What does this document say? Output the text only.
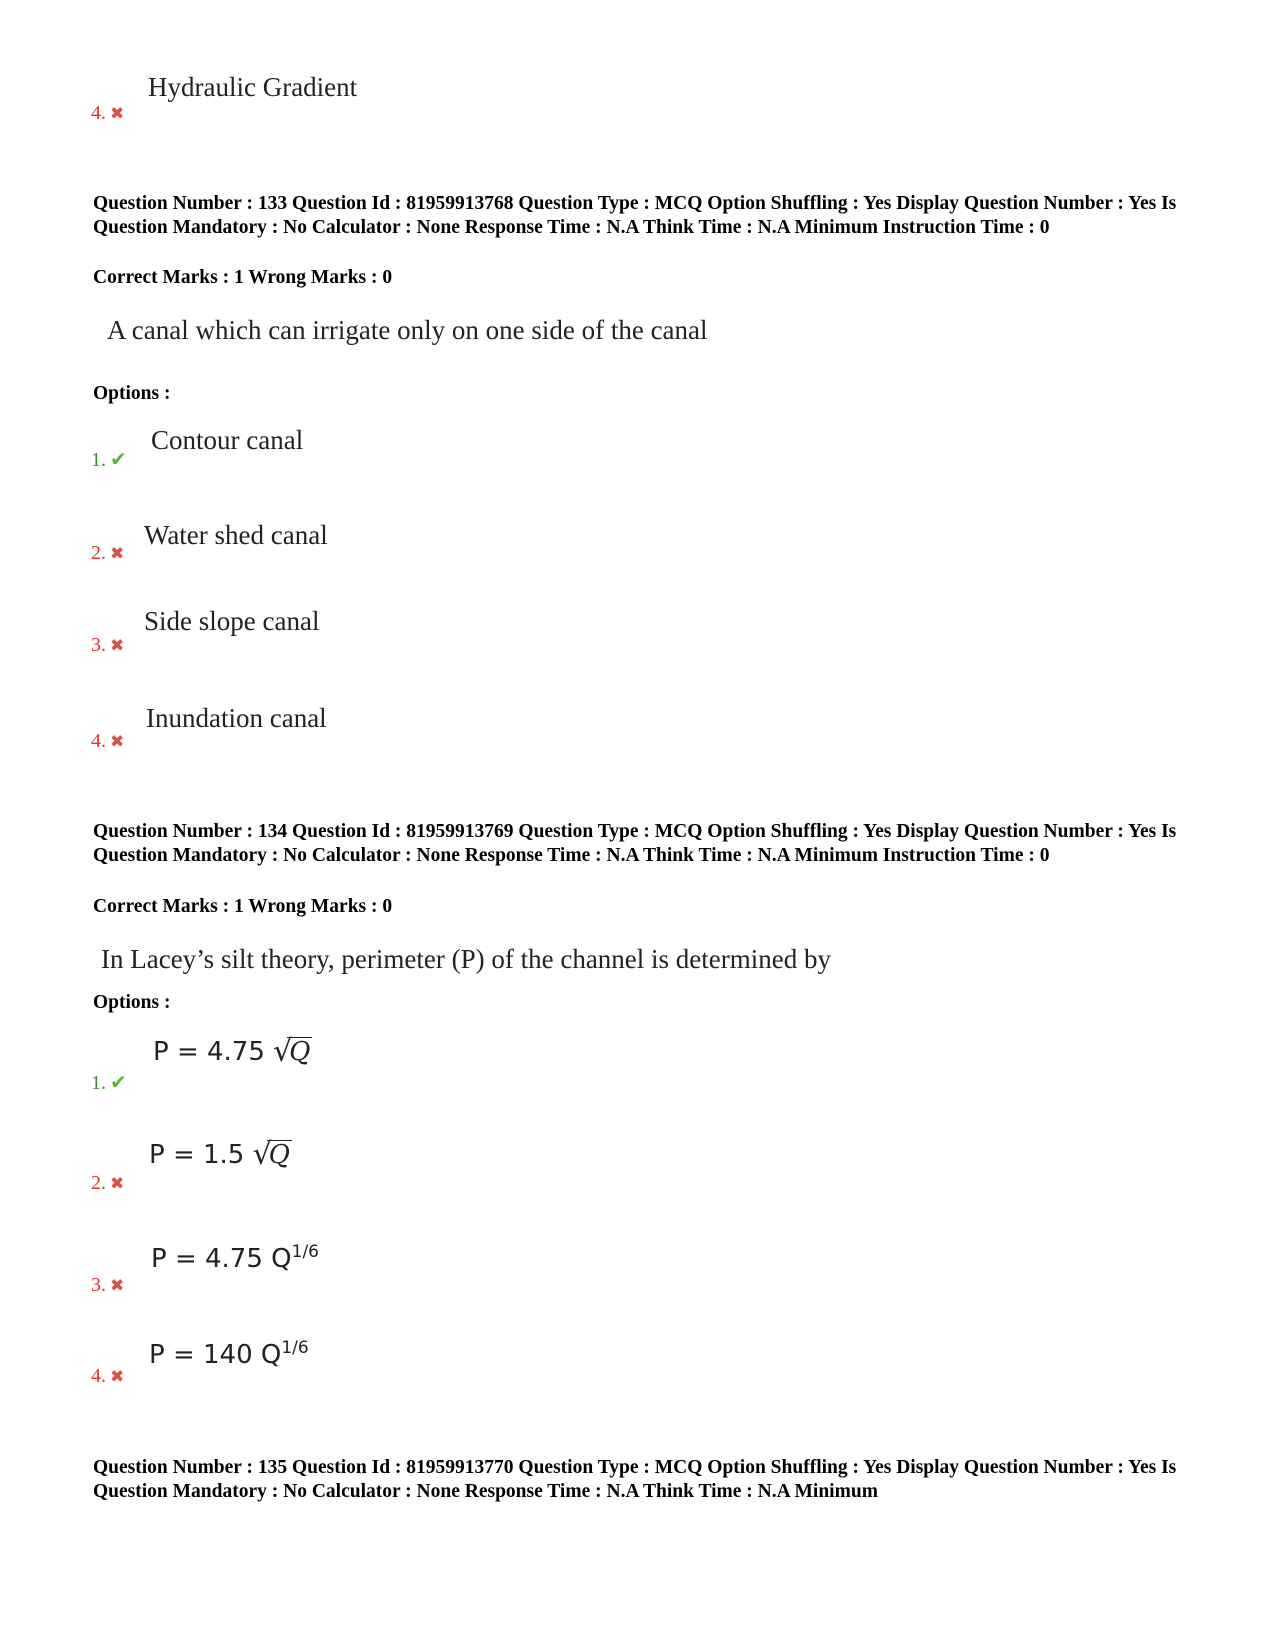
Hydraulic Gradient
4. ✖
Question Number : 133 Question Id : 81959913768 Question Type : MCQ Option Shuffling : Yes Display Question Number : Yes Is Question Mandatory : No Calculator : None Response Time : N.A Think Time : N.A Minimum Instruction Time : 0
Correct Marks : 1 Wrong Marks : 0
A canal which can irrigate only on one side of the canal
Options :
Contour canal
1. ✔
Water shed canal
2. ✖
Side slope canal
3. ✖
Inundation canal
4. ✖
Question Number : 134 Question Id : 81959913769 Question Type : MCQ Option Shuffling : Yes Display Question Number : Yes Is Question Mandatory : No Calculator : None Response Time : N.A Think Time : N.A Minimum Instruction Time : 0
Correct Marks : 1 Wrong Marks : 0
In Lacey’s silt theory, perimeter (P) of the channel is determined by
Options :
P = 4.75 √
Q
1. ✔
P = 1.5 √
Q
2. ✖
P = 4.75 $Q^{1/6}$
3. ✖
P = 140 $Q^{1/6}$
4. ✖
Question Number : 135 Question Id : 81959913770 Question Type : MCQ Option Shuffling : Yes Display Question Number : Yes Is Question Mandatory : No Calculator : None Response Time : N.A Think Time : N.A Minimum
